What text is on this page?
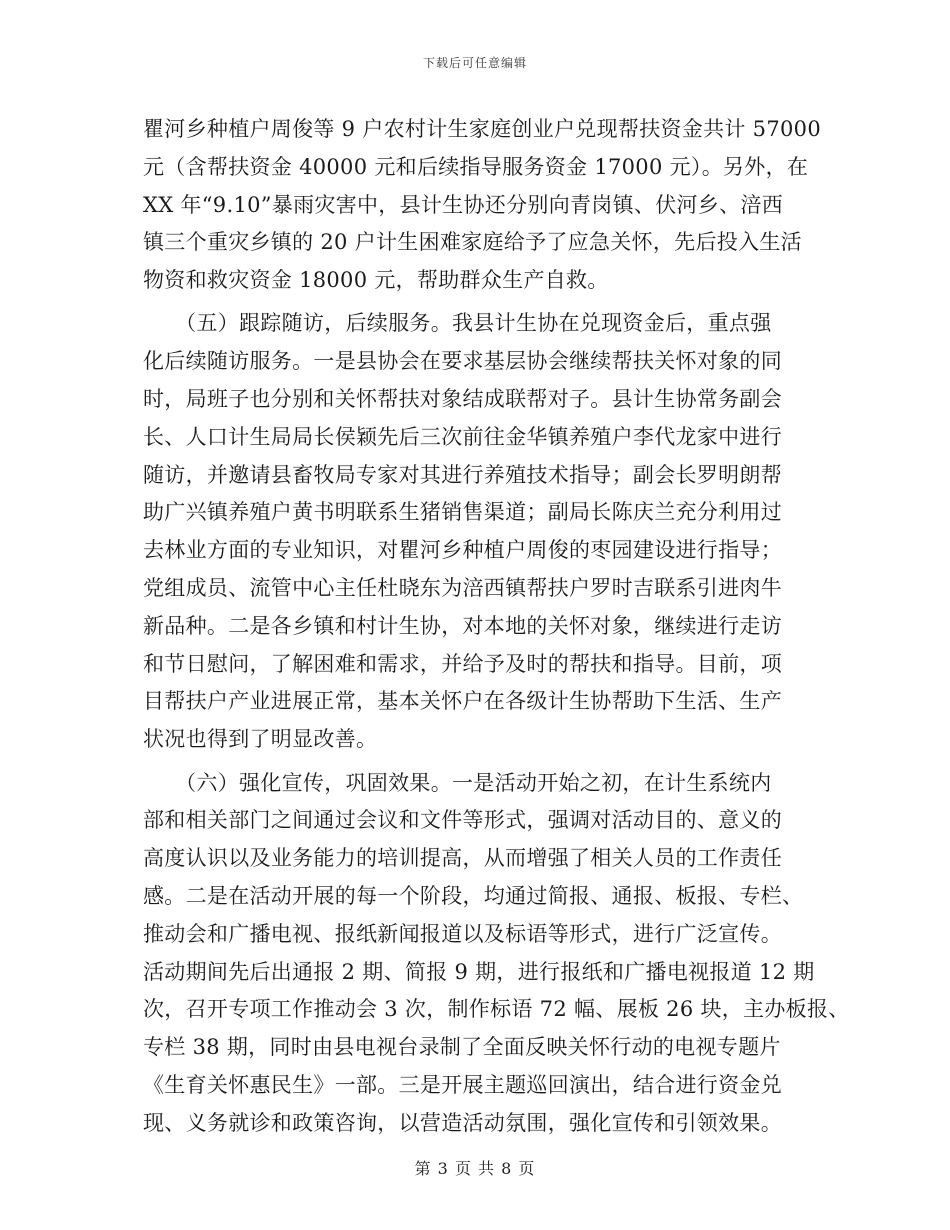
下载后可任意编辑
瞿河乡种植户周俊等 9 户农村计生家庭创业户兑现帮扶资金共计 57000
元（含帮扶资金 40000 元和后续指导服务资金 17000 元）。另外，在
XX 年“9.10”暴雨灾害中，县计生协还分别向青岗镇、伏河乡、涪西
镇三个重灾乡镇的 20 户计生困难家庭给予了应急关怀，先后投入生活
物资和救灾资金 18000 元，帮助群众生产自救。
　　（五）跟踪随访，后续服务。我县计生协在兑现资金后，重点强
化后续随访服务。一是县协会在要求基层协会继续帮扶关怀对象的同
时，局班子也分别和关怀帮扶对象结成联帮对子。县计生协常务副会
长、人口计生局局长侯颖先后三次前往金华镇养殖户李代龙家中进行
随访，并邀请县畜牧局专家对其进行养殖技术指导；副会长罗明朗帮
助广兴镇养殖户黄书明联系生猪销售渠道；副局长陈庆兰充分利用过
去林业方面的专业知识，对瞿河乡种植户周俊的枣园建设进行指导；
党组成员、流管中心主任杜晓东为涪西镇帮扶户罗时吉联系引进肉牛
新品种。二是各乡镇和村计生协，对本地的关怀对象，继续进行走访
和节日慰问，了解困难和需求，并给予及时的帮扶和指导。目前，项
目帮扶户产业进展正常，基本关怀户在各级计生协帮助下生活、生产
状况也得到了明显改善。
　　（六）强化宣传，巩固效果。一是活动开始之初，在计生系统内
部和相关部门之间通过会议和文件等形式，强调对活动目的、意义的
高度认识以及业务能力的培训提高，从而增强了相关人员的工作责任
感。二是在活动开展的每一个阶段，均通过简报、通报、板报、专栏、
推动会和广播电视、报纸新闻报道以及标语等形式，进行广泛宣传。
活动期间先后出通报 2 期、简报 9 期，进行报纸和广播电视报道 12 期
次，召开专项工作推动会 3 次，制作标语 72 幅、展板 26 块，主办板报、
专栏 38 期，同时由县电视台录制了全面反映关怀行动的电视专题片
《生育关怀惠民生》一部。三是开展主题巡回演出，结合进行资金兑
现、义务就诊和政策咨询，以营造活动氛围，强化宣传和引领效果。
第 3 页 共 8 页
